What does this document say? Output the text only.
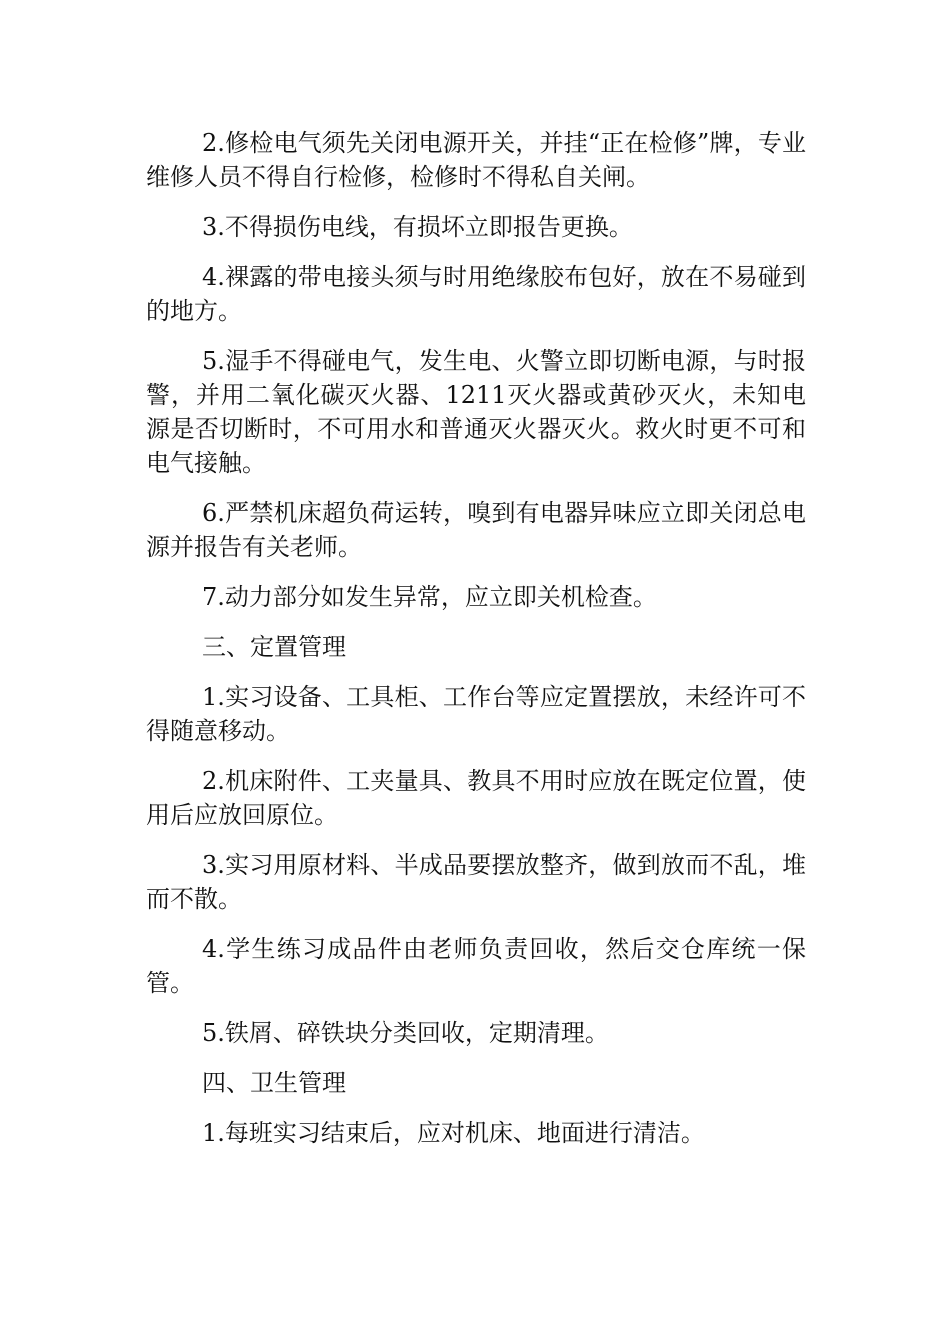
2.修检电气须先关闭电源开关，并挂“正在检修”牌，专业维修人员不得自行检修，检修时不得私自关闸。

3.不得损伤电线，有损坏立即报告更换。

4.裸露的带电接头须与时用绝缘胶布包好，放在不易碰到的地方。

5.湿手不得碰电气，发生电、火警立即切断电源，与时报警，并用二氧化碳灭火器、1211灭火器或黄砂灭火，未知电源是否切断时，不可用水和普通灭火器灭火。救火时更不可和电气接触。

6.严禁机床超负荷运转，嗅到有电器异味应立即关闭总电源并报告有关老师。

7.动力部分如发生异常，应立即关机检查。

三、定置管理

1.实习设备、工具柜、工作台等应定置摆放，未经许可不得随意移动。

2.机床附件、工夹量具、教具不用时应放在既定位置，使用后应放回原位。

3.实习用原材料、半成品要摆放整齐，做到放而不乱，堆而不散。

4.学生练习成品件由老师负责回收，然后交仓库统一保管。

5.铁屑、碎铁块分类回收，定期清理。

四、卫生管理

1.每班实习结束后，应对机床、地面进行清洁。
